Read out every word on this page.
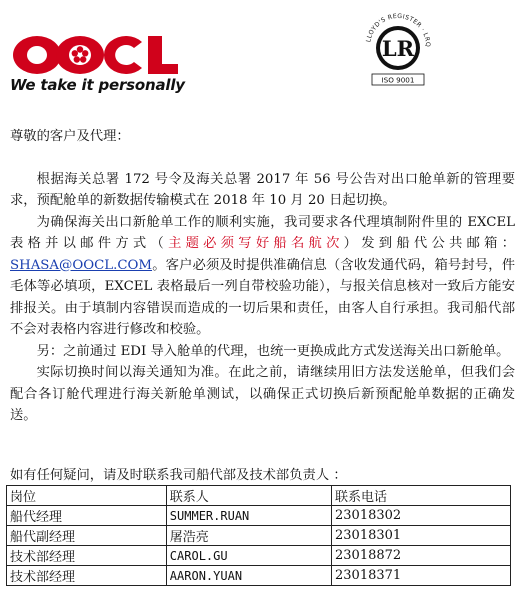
We take it personally
LLOYD'S REGISTER · LRQ
LR
ISO 9001

尊敬的客户及代理：

根据海关总署 172 号令及海关总署 2017 年 56 号公告对出口舱单新的管理要求，预配舱单的新数据传输模式在 2018 年 10 月 20 日起切换。

为确保海关出口新舱单工作的顺利实施，我司要求各代理填制附件里的 EXCEL 表格并以邮件方式（主题必须写好船名航次）发到船代公共邮箱：SHASA@OOCL.COM。客户必须及时提供准确信息（含收发通代码，箱号封号，件毛体等必填项，EXCEL 表格最后一列自带校验功能），与报关信息核对一致后方能安排报关。由于填制内容错误而造成的一切后果和责任，由客人自行承担。我司船代部不会对表格内容进行修改和校验。

另：之前通过 EDI 导入舱单的代理，也统一更换成此方式发送海关出口新舱单。

实际切换时间以海关通知为准。在此之前，请继续用旧方法发送舱单，但我们会配合各订舱代理进行海关新舱单测试，以确保正式切换后新预配舱单数据的正确发送。

如有任何疑问，请及时联系我司船代部及技术部负责人 ：
岗位	联系人	联系电话
船代经理	SUMMER.RUAN	23018302
船代副经理	屠浩亮	23018301
技术部经理	CAROL.GU	23018872
技术部经理	AARON.YUAN	23018371
